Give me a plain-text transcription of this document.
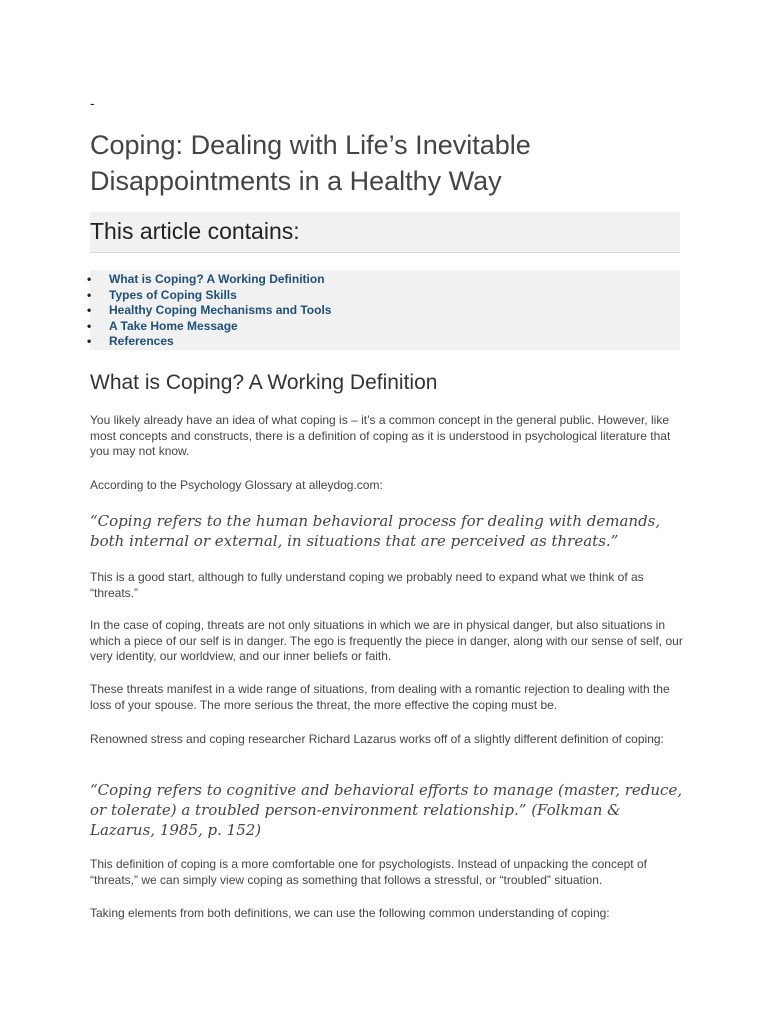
-
Coping: Dealing with Life’s Inevitable Disappointments in a Healthy Way
This article contains:
• What is Coping? A Working Definition
• Types of Coping Skills
• Healthy Coping Mechanisms and Tools
• A Take Home Message
• References
What is Coping? A Working Definition

You likely already have an idea of what coping is – it’s a common concept in the general public. However, like most concepts and constructs, there is a definition of coping as it is understood in psychological literature that you may not know.

According to the Psychology Glossary at alleydog.com:

“Coping refers to the human behavioral process for dealing with demands, both internal or external, in situations that are perceived as threats.”

This is a good start, although to fully understand coping we probably need to expand what we think of as “threats.”

In the case of coping, threats are not only situations in which we are in physical danger, but also situations in which a piece of our self is in danger. The ego is frequently the piece in danger, along with our sense of self, our very identity, our worldview, and our inner beliefs or faith.

These threats manifest in a wide range of situations, from dealing with a romantic rejection to dealing with the loss of your spouse. The more serious the threat, the more effective the coping must be.

Renowned stress and coping researcher Richard Lazarus works off of a slightly different definition of coping:

“Coping refers to cognitive and behavioral efforts to manage (master, reduce, or tolerate) a troubled person-environment relationship.” (Folkman & Lazarus, 1985, p. 152)

This definition of coping is a more comfortable one for psychologists. Instead of unpacking the concept of “threats,” we can simply view coping as something that follows a stressful, or “troubled” situation.

Taking elements from both definitions, we can use the following common understanding of coping:
